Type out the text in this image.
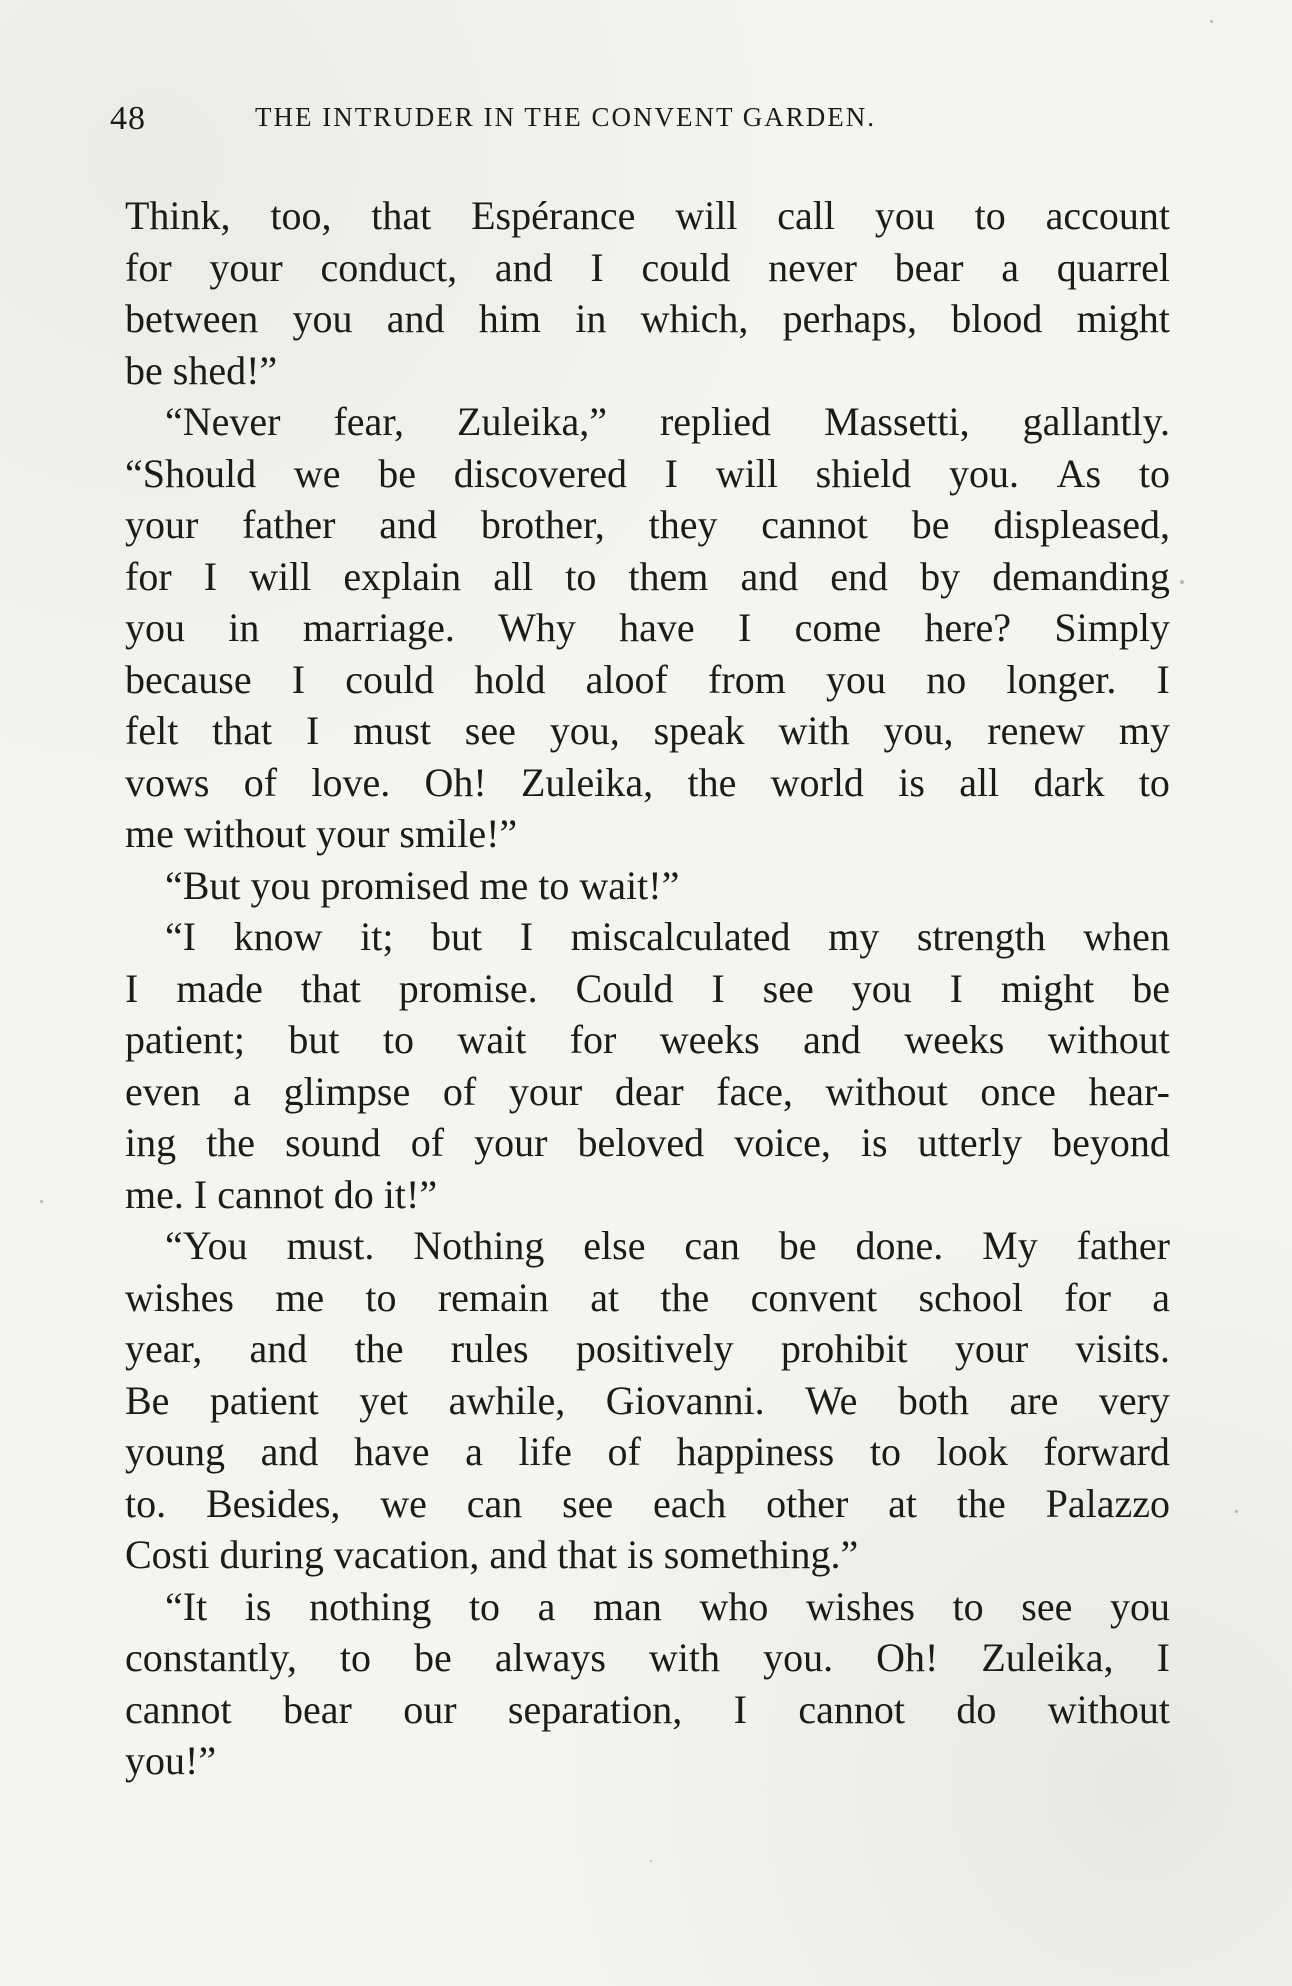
48	THE INTRUDER IN THE CONVENT GARDEN.
Think, too, that Espérance will call you to account
for your conduct, and I could never bear a quarrel
between you and him in which, perhaps, blood might
be shed!”
“Never fear, Zuleika,” replied Massetti, gallantly.
“Should we be discovered I will shield you. As to
your father and brother, they cannot be displeased,
for I will explain all to them and end by demanding
you in marriage. Why have I come here? Simply
because I could hold aloof from you no longer. I
felt that I must see you, speak with you, renew my
vows of love. Oh! Zuleika, the world is all dark to
me without your smile!”
“But you promised me to wait!”
“I know it; but I miscalculated my strength when
I made that promise. Could I see you I might be
patient; but to wait for weeks and weeks without
even a glimpse of your dear face, without once hear-
ing the sound of your beloved voice, is utterly beyond
me. I cannot do it!”
“You must. Nothing else can be done. My father
wishes me to remain at the convent school for a
year, and the rules positively prohibit your visits.
Be patient yet awhile, Giovanni. We both are very
young and have a life of happiness to look forward
to. Besides, we can see each other at the Palazzo
Costi during vacation, and that is something.”
“It is nothing to a man who wishes to see you
constantly, to be always with you. Oh! Zuleika, I
cannot bear our separation, I cannot do without
you!”
